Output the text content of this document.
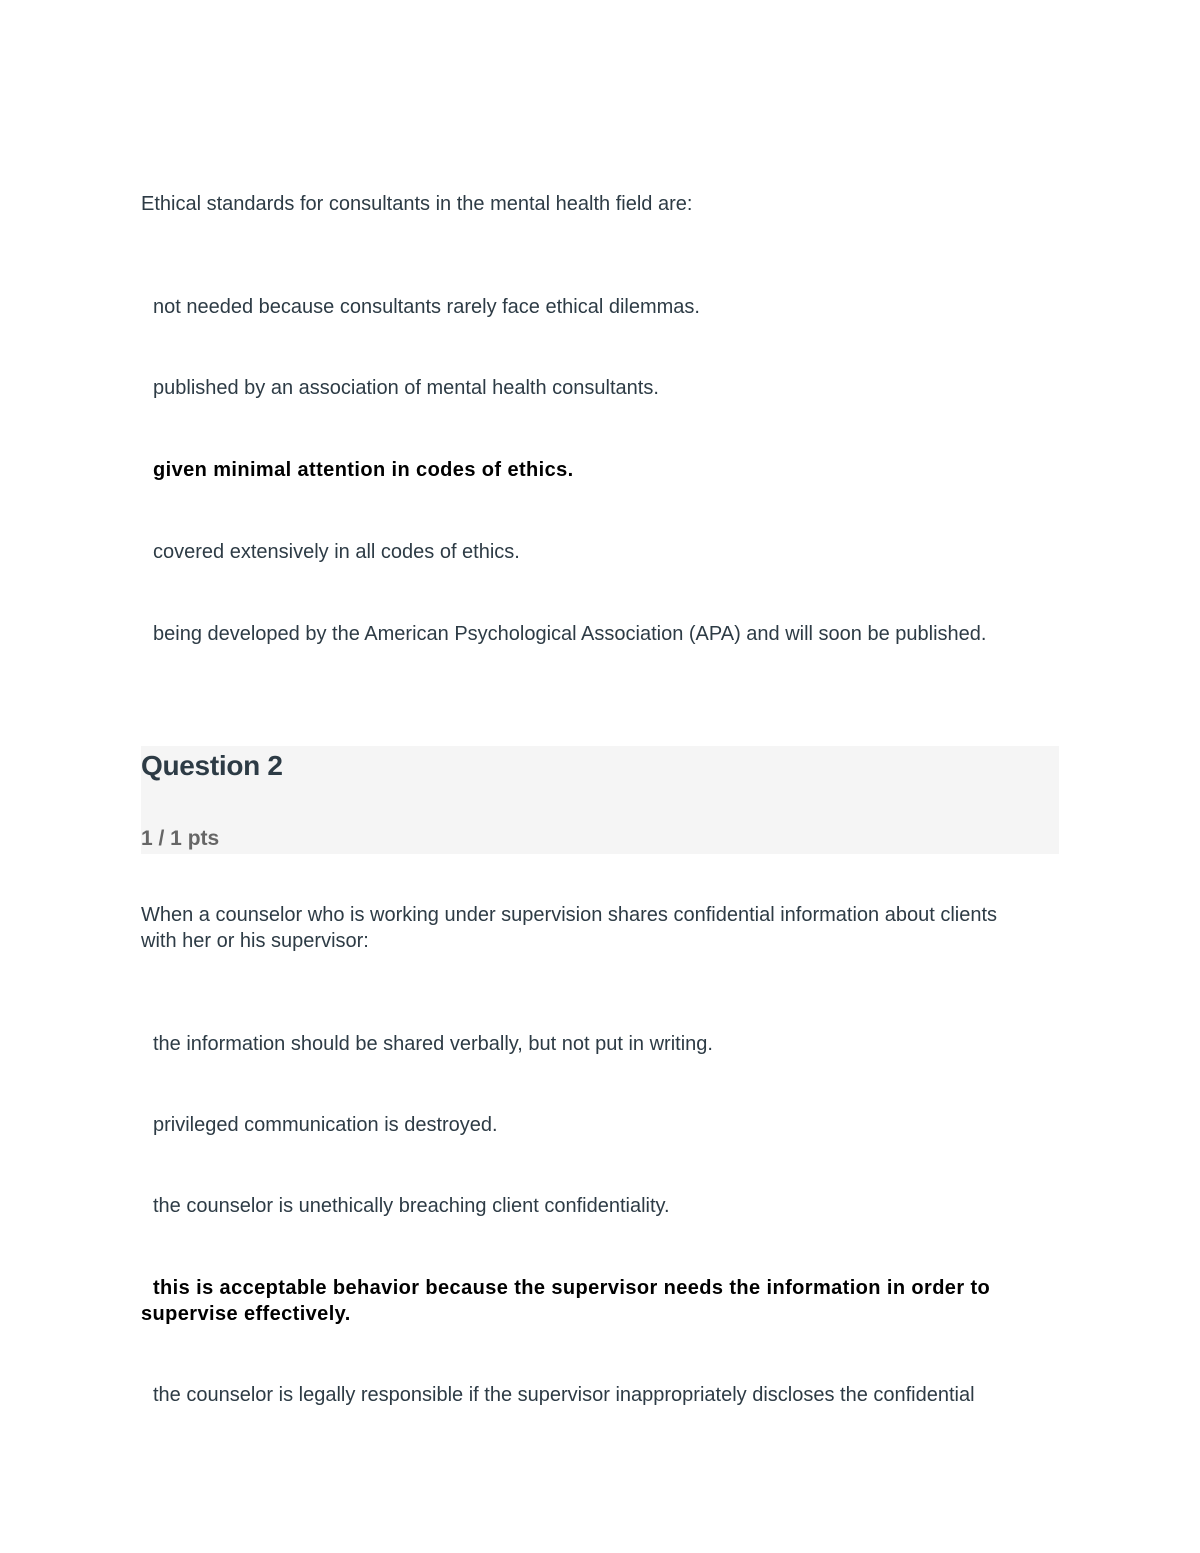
Ethical standards for consultants in the mental health field are:
not needed because consultants rarely face ethical dilemmas.
published by an association of mental health consultants.
given minimal attention in codes of ethics.
covered extensively in all codes of ethics.
being developed by the American Psychological Association (APA) and will soon be published.
Question 2
1 / 1 pts
When a counselor who is working under supervision shares confidential information about clients with her or his supervisor:
the information should be shared verbally, but not put in writing.
privileged communication is destroyed.
the counselor is unethically breaching client confidentiality.
this is acceptable behavior because the supervisor needs the information in order to supervise effectively.
the counselor is legally responsible if the supervisor inappropriately discloses the confidential
